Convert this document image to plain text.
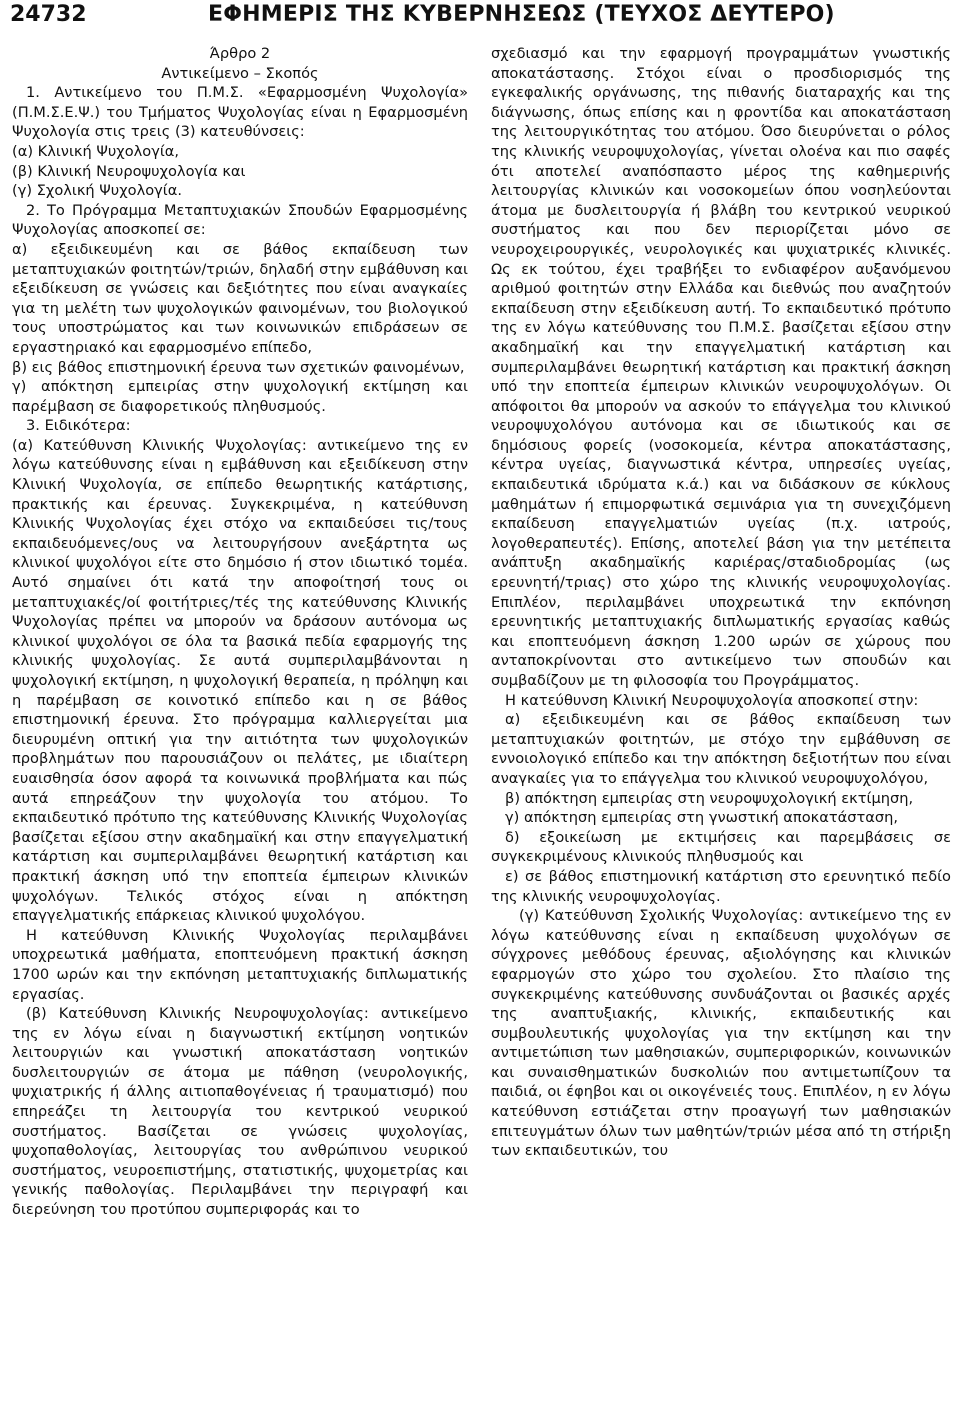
24732	ΕΦΗΜΕΡΙΣ ΤΗΣ ΚΥΒΕΡΝΗΣΕΩΣ (ΤΕΥΧΟΣ ΔΕΥΤΕΡΟ)

Άρθρο 2

Αντικείμενο – Σκοπός

1. Αντικείμενο του Π.Μ.Σ. «Εφαρμοσμένη Ψυχολογία» (Π.Μ.Σ.Ε.Ψ.) του Τμήματος Ψυχολογίας είναι η Εφαρμοσμένη Ψυχολογία στις τρεις (3) κατευθύνσεις:

(α) Κλινική Ψυχολογία,

(β) Κλινική Νευροψυχολογία και

(γ) Σχολική Ψυχολογία.

2. Το Πρόγραμμα Μεταπτυχιακών Σπουδών Εφαρμοσμένης Ψυχολογίας αποσκοπεί σε:

α) εξειδικευμένη και σε βάθος εκπαίδευση των μεταπτυχιακών φοιτητών/τριών, δηλαδή στην εμβάθυνση και εξειδίκευση σε γνώσεις και δεξιότητες που είναι αναγκαίες για τη μελέτη των ψυχολογικών φαινομένων, του βιολογικού τους υποστρώματος και των κοινωνικών επιδράσεων σε εργαστηριακό και εφαρμοσμένο επίπεδο,

β) εις βάθος επιστημονική έρευνα των σχετικών φαινομένων,

γ) απόκτηση εμπειρίας στην ψυχολογική εκτίμηση και παρέμβαση σε διαφορετικούς πληθυσμούς.

3. Ειδικότερα:

(α) Κατεύθυνση Κλινικής Ψυχολογίας: αντικείμενο της εν λόγω κατεύθυνσης είναι η εμβάθυνση και εξειδίκευση στην Κλινική Ψυχολογία, σε επίπεδο θεωρητικής κατάρτισης, πρακτικής και έρευνας. Συγκεκριμένα, η κατεύθυνση Κλινικής Ψυχολογίας έχει στόχο να εκπαιδεύσει τις/τους εκπαιδευόμενες/ους να λειτουργήσουν ανεξάρτητα ως κλινικοί ψυχολόγοι είτε στο δημόσιο ή στον ιδιωτικό τομέα. Αυτό σημαίνει ότι κατά την αποφοίτησή τους οι μεταπτυχιακές/οί φοιτήτριες/τές της κατεύθυνσης Κλινικής Ψυχολογίας πρέπει να μπορούν να δράσουν αυτόνομα ως κλινικοί ψυχολόγοι σε όλα τα βασικά πεδία εφαρμογής της κλινικής ψυχολογίας. Σε αυτά συμπεριλαμβάνονται η ψυχολογική εκτίμηση, η ψυχολογική θεραπεία, η πρόληψη και η παρέμβαση σε κοινοτικό επίπεδο και η σε βάθος επιστημονική έρευνα. Στο πρόγραμμα καλλιεργείται μια διευρυμένη οπτική για την αιτιότητα των ψυχολογικών προβλημάτων που παρουσιάζουν οι πελάτες, με ιδιαίτερη ευαισθησία όσον αφορά τα κοινωνικά προβλήματα και πώς αυτά επηρεάζουν την ψυχολογία του ατόμου. Το εκπαιδευτικό πρότυπο της κατεύθυνσης Κλινικής Ψυχολογίας βασίζεται εξίσου στην ακαδημαϊκή και στην επαγγελματική κατάρτιση και συμπεριλαμβάνει θεωρητική κατάρτιση και πρακτική άσκηση υπό την εποπτεία έμπειρων κλινικών ψυχολόγων. Τελικός στόχος είναι η απόκτηση επαγγελματικής επάρκειας κλινικού ψυχολόγου.

Η κατεύθυνση Κλινικής Ψυχολογίας περιλαμβάνει υποχρεωτικά μαθήματα, εποπτευόμενη πρακτική άσκηση 1700 ωρών και την εκπόνηση μεταπτυχιακής διπλωματικής εργασίας.

(β) Κατεύθυνση Κλινικής Νευροψυχολογίας: αντικείμενο της εν λόγω είναι η διαγνωστική εκτίμηση νοητικών λειτουργιών και γνωστική αποκατάσταση νοητικών δυσλειτουργιών σε άτομα με πάθηση (νευρολογικής, ψυχιατρικής ή άλλης αιτιοπαθογένειας ή τραυματισμό) που επηρεάζει τη λειτουργία του κεντρικού νευρικού συστήματος. Βασίζεται σε γνώσεις ψυχολογίας, ψυχοπαθολογίας, λειτουργίας του ανθρώπινου νευρικού συστήματος, νευροεπιστήμης, στατιστικής, ψυχομετρίας και γενικής παθολογίας. Περιλαμβάνει την περιγραφή και διερεύνηση του προτύπου συμπεριφοράς και το

σχεδιασμό και την εφαρμογή προγραμμάτων γνωστικής αποκατάστασης. Στόχοι είναι ο προσδιορισμός της εγκεφαλικής οργάνωσης, της πιθανής διαταραχής και της διάγνωσης, όπως επίσης και η φροντίδα και αποκατάσταση της λειτουργικότητας του ατόμου. Όσο διευρύνεται ο ρόλος της κλινικής νευροψυχολογίας, γίνεται ολοένα και πιο σαφές ότι αποτελεί αναπόσπαστο μέρος της καθημερινής λειτουργίας κλινικών και νοσοκομείων όπου νοσηλεύονται άτομα με δυσλειτουργία ή βλάβη του κεντρικού νευρικού συστήματος και που δεν περιορίζεται μόνο σε νευροχειρουργικές, νευρολογικές και ψυχιατρικές κλινικές. Ως εκ τούτου, έχει τραβήξει το ενδιαφέρον αυξανόμενου αριθμού φοιτητών στην Ελλάδα και διεθνώς που αναζητούν εκπαίδευση στην εξειδίκευση αυτή. Το εκπαιδευτικό πρότυπο της εν λόγω κατεύθυνσης του Π.Μ.Σ. βασίζεται εξίσου στην ακαδημαϊκή και την επαγγελματική κατάρτιση και συμπεριλαμβάνει θεωρητική κατάρτιση και πρακτική άσκηση υπό την εποπτεία έμπειρων κλινικών νευροψυχολόγων. Οι απόφοιτοι θα μπορούν να ασκούν το επάγγελμα του κλινικού νευροψυχολόγου αυτόνομα και σε ιδιωτικούς και σε δημόσιους φορείς (νοσοκομεία, κέντρα αποκατάστασης, κέντρα υγείας, διαγνωστικά κέντρα, υπηρεσίες υγείας, εκπαιδευτικά ιδρύματα κ.ά.) και να διδάσκουν σε κύκλους μαθημάτων ή επιμορφωτικά σεμινάρια για τη συνεχιζόμενη εκπαίδευση επαγγελματιών υγείας (π.χ. ιατρούς, λογοθεραπευτές). Επίσης, αποτελεί βάση για την μετέπειτα ανάπτυξη ακαδημαϊκής καριέρας/σταδιοδρομίας (ως ερευνητή/τριας) στο χώρο της κλινικής νευροψυχολογίας. Επιπλέον, περιλαμβάνει υποχρεωτικά την εκπόνηση ερευνητικής μεταπτυχιακής διπλωματικής εργασίας καθώς και εποπτευόμενη άσκηση 1.200 ωρών σε χώρους που ανταποκρίνονται στο αντικείμενο των σπουδών και συμβαδίζουν με τη φιλοσοφία του Προγράμματος.

Η κατεύθυνση Κλινική Νευροψυχολογία αποσκοπεί στην:

α) εξειδικευμένη και σε βάθος εκπαίδευση των μεταπτυχιακών φοιτητών, με στόχο την εμβάθυνση σε εννοιολογικό επίπεδο και την απόκτηση δεξιοτήτων που είναι αναγκαίες για το επάγγελμα του κλινικού νευροψυχολόγου,

β) απόκτηση εμπειρίας στη νευροψυχολογική εκτίμηση,

γ) απόκτηση εμπειρίας στη γνωστική αποκατάσταση,

δ) εξοικείωση με εκτιμήσεις και παρεμβάσεις σε συγκεκριμένους κλινικούς πληθυσμούς και

ε) σε βάθος επιστημονική κατάρτιση στο ερευνητικό πεδίο της κλινικής νευροψυχολογίας.

(γ) Κατεύθυνση Σχολικής Ψυχολογίας: αντικείμενο της εν λόγω κατεύθυνσης είναι η εκπαίδευση ψυχολόγων σε σύγχρονες μεθόδους έρευνας, αξιολόγησης και κλινικών εφαρμογών στο χώρο του σχολείου. Στο πλαίσιο της συγκεκριμένης κατεύθυνσης συνδυάζονται οι βασικές αρχές της αναπτυξιακής, κλινικής, εκπαιδευτικής και συμβουλευτικής ψυχολογίας για την εκτίμηση και την αντιμετώπιση των μαθησιακών, συμπεριφορικών, κοινωνικών και συναισθηματικών δυσκολιών που αντιμετωπίζουν τα παιδιά, οι έφηβοι και οι οικογένειές τους. Επιπλέον, η εν λόγω κατεύθυνση εστιάζεται στην προαγωγή των μαθησιακών επιτευγμάτων όλων των μαθητών/τριών μέσα από τη στήριξη των εκπαιδευτικών, του
